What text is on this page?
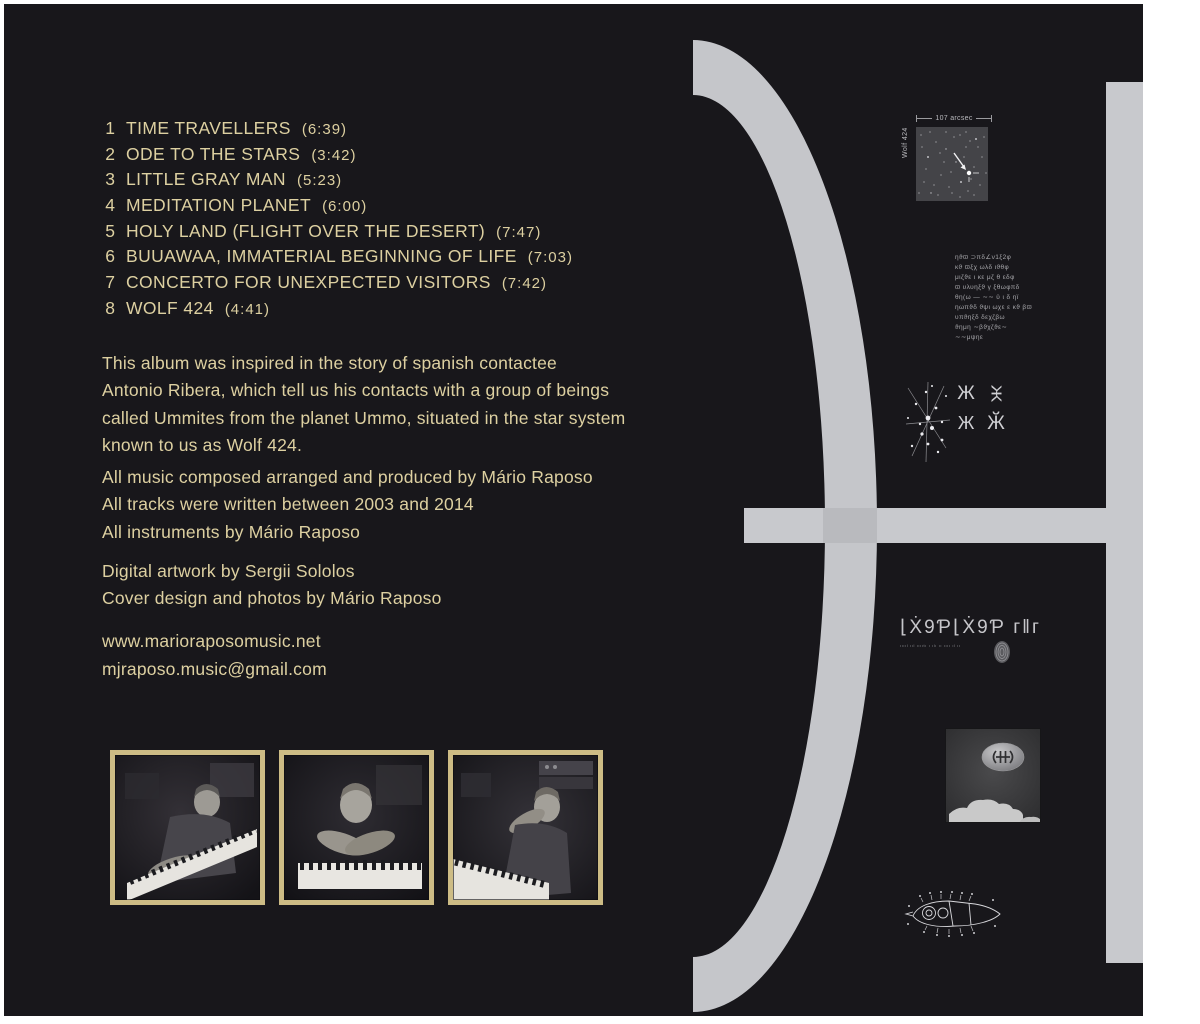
1 TIME TRAVELLERS (6:39)
2 ODE TO THE STARS (3:42)
3 LITTLE GRAY MAN (5:23)
4 MEDITATION PLANET (6:00)
5 HOLY LAND (FLIGHT OVER THE DESERT) (7:47)
6 BUUAWAA, IMMATERIAL BEGINNING OF LIFE (7:03)
7 CONCERTO FOR UNEXPECTED VISITORS (7:42)
8 WOLF 424 (4:41)
This album was inspired in the story of spanish contactee
Antonio Ribera, which tell us his contacts with a group of beings
called Ummites from the planet Ummo, situated in the star system
known to us as Wolf 424.
All music composed arranged and produced by Mário Raposo
All tracks were written between 2003 and 2014
All instruments by Mário Raposo
Digital artwork by Sergii Sololos
Cover design and photos by Mário Raposo
www.marioraposomusic.net
mjraposo.music@gmail.com
107 arcsec
Wolf 424
ηϑϖ ⊃πδ∠ν1ξ2φ
κϑ ϖξχ ωλδ ιϑθφ
μιζϑε ι κε μζ θ εδφ
ϖ υλυηξϑ γ ξθωφπδ
θη(ω — ∼∼ ϋ ι δ ηϊ
ηωπϑδ ϑψι ωχε ε κϑ βϖ
υπϑηξδ δεχζβω
ϑημη ∼βϑχζϑε∼
∼∼μψηε
Ж Ж
Ж Ӂ
⌊Ẋ9Ƥ⌊Ẋ9Ƥ г‖г
ııııl ııl ııııtı ı ılı ıı ıııı ıl ıı
